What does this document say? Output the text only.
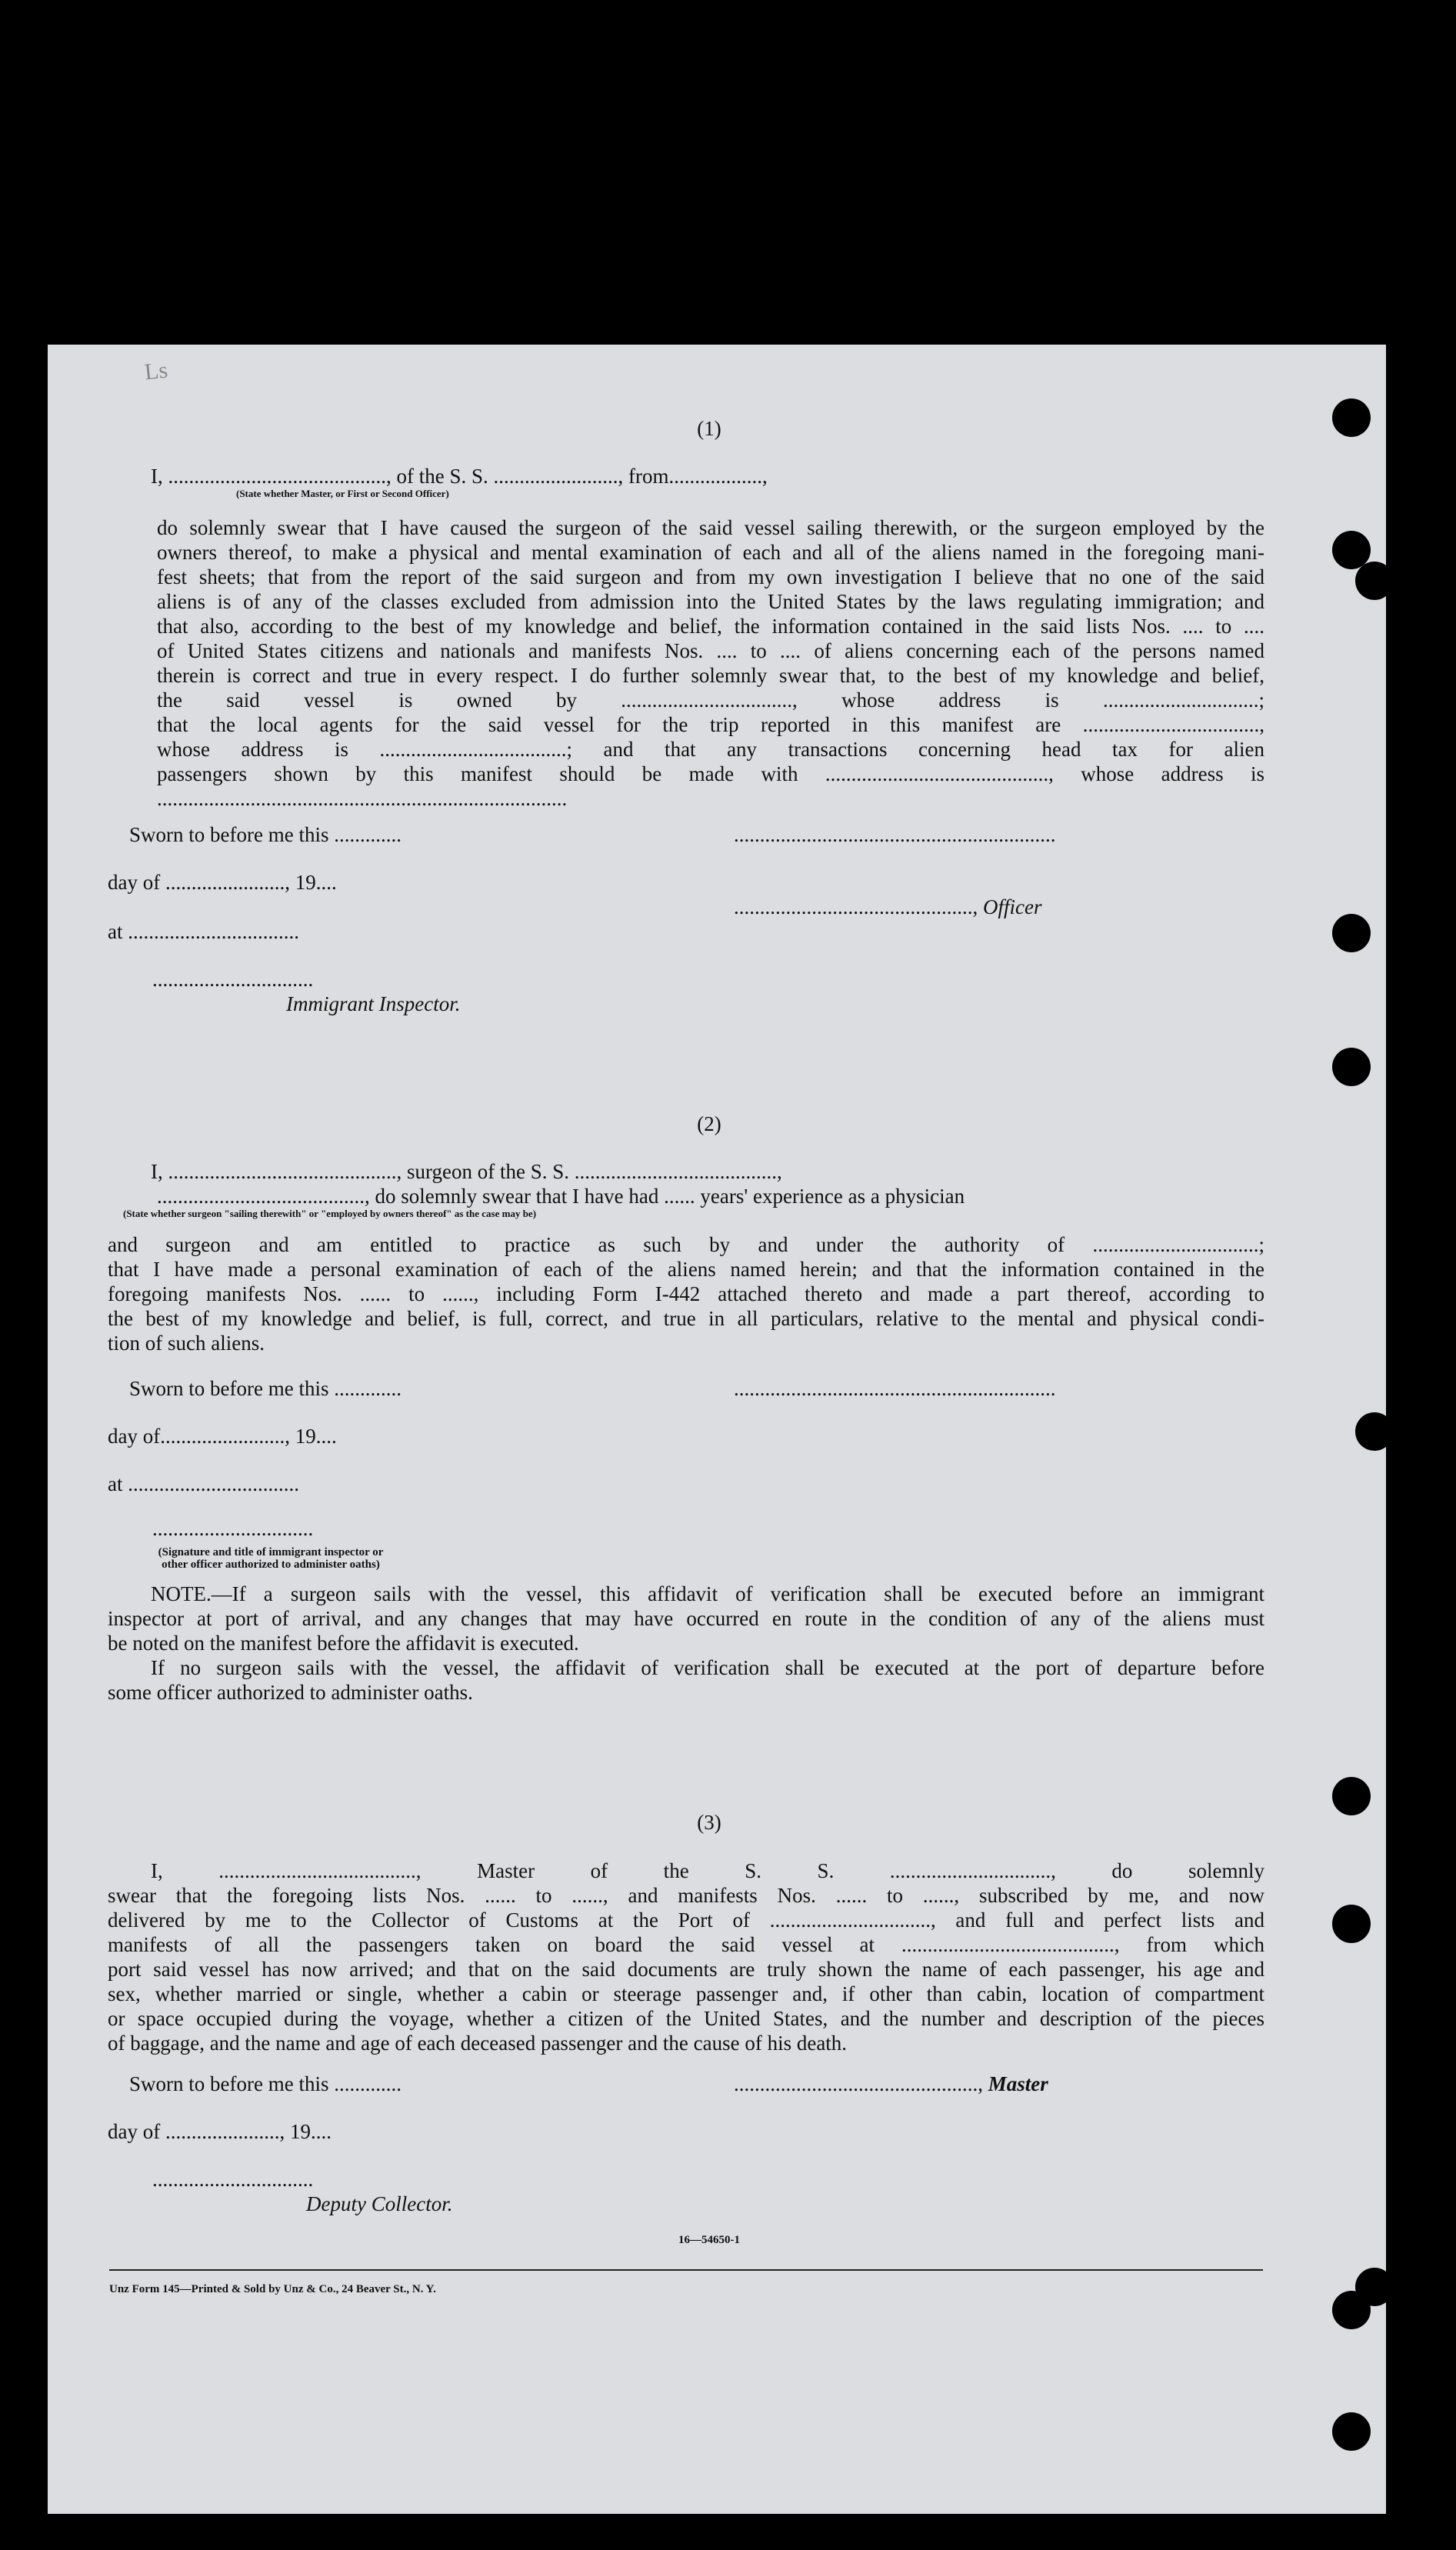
Ls
(1)
I, .........................................., of the S. S. ........................, from..................,
(State whether Master, or First or Second Officer)
do solemnly swear that I have caused the surgeon of the said vessel sailing therewith, or the surgeon employed by the
owners thereof, to make a physical and mental examination of each and all of the aliens named in the foregoing mani-
fest sheets; that from the report of the said surgeon and from my own investigation I believe that no one of the said
aliens is of any of the classes excluded from admission into the United States by the laws regulating immigration; and
that also, according to the best of my knowledge and belief, the information contained in the said lists Nos. .... to ....
of United States citizens and nationals and manifests Nos. .... to .... of aliens concerning each of the persons named
therein is correct and true in every respect. I do further solemnly swear that, to the best of my knowledge and belief,
the said vessel is owned by ................................., whose address is ..............................;
that the local agents for the said vessel for the trip reported in this manifest are ..................................,
whose address is ....................................; and that any transactions concerning head tax for alien
passengers shown by this manifest should be made with ..........................................., whose address is
...............................................................................
Sworn to before me this .............	..............................................................
day of ......................., 19....
.............................................., Officer
at .................................
...............................
Immigrant Inspector.
(2)
I, ............................................, surgeon of the S. S. .......................................,
........................................, do solemnly swear that I have had ...... years' experience as a physician
(State whether surgeon "sailing therewith" or "employed by owners thereof" as the case may be)
and surgeon and am entitled to practice as such by and under the authority of ................................;
that I have made a personal examination of each of the aliens named herein; and that the information contained in the
foregoing manifests Nos. ...... to ......, including Form I-442 attached thereto and made a part thereof, according to
the best of my knowledge and belief, is full, correct, and true in all particulars, relative to the mental and physical condi-
tion of such aliens.
Sworn to before me this .............	..............................................................
day of........................, 19....
at .................................
...............................
(Signature and title of immigrant inspector or
other officer authorized to administer oaths)
NOTE.—If a surgeon sails with the vessel, this affidavit of verification shall be executed before an immigrant
inspector at port of arrival, and any changes that may have occurred en route in the condition of any of the aliens must
be noted on the manifest before the affidavit is executed.
If no surgeon sails with the vessel, the affidavit of verification shall be executed at the port of departure before
some officer authorized to administer oaths.
(3)
I, ......................................, Master of the S. S. ..............................., do solemnly
swear that the foregoing lists Nos. ...... to ......, and manifests Nos. ...... to ......, subscribed by me, and now
delivered by me to the Collector of Customs at the Port of ..............................., and full and perfect lists and
manifests of all the passengers taken on board the said vessel at ........................................., from which
port said vessel has now arrived; and that on the said documents are truly shown the name of each passenger, his age and
sex, whether married or single, whether a cabin or steerage passenger and, if other than cabin, location of compartment
or space occupied during the voyage, whether a citizen of the United States, and the number and description of the pieces
of baggage, and the name and age of each deceased passenger and the cause of his death.
Sworn to before me this .............	..............................................., Master
day of ......................, 19....
...............................
Deputy Collector.
16—54650-1
Unz Form 145—Printed & Sold by Unz & Co., 24 Beaver St., N. Y.
